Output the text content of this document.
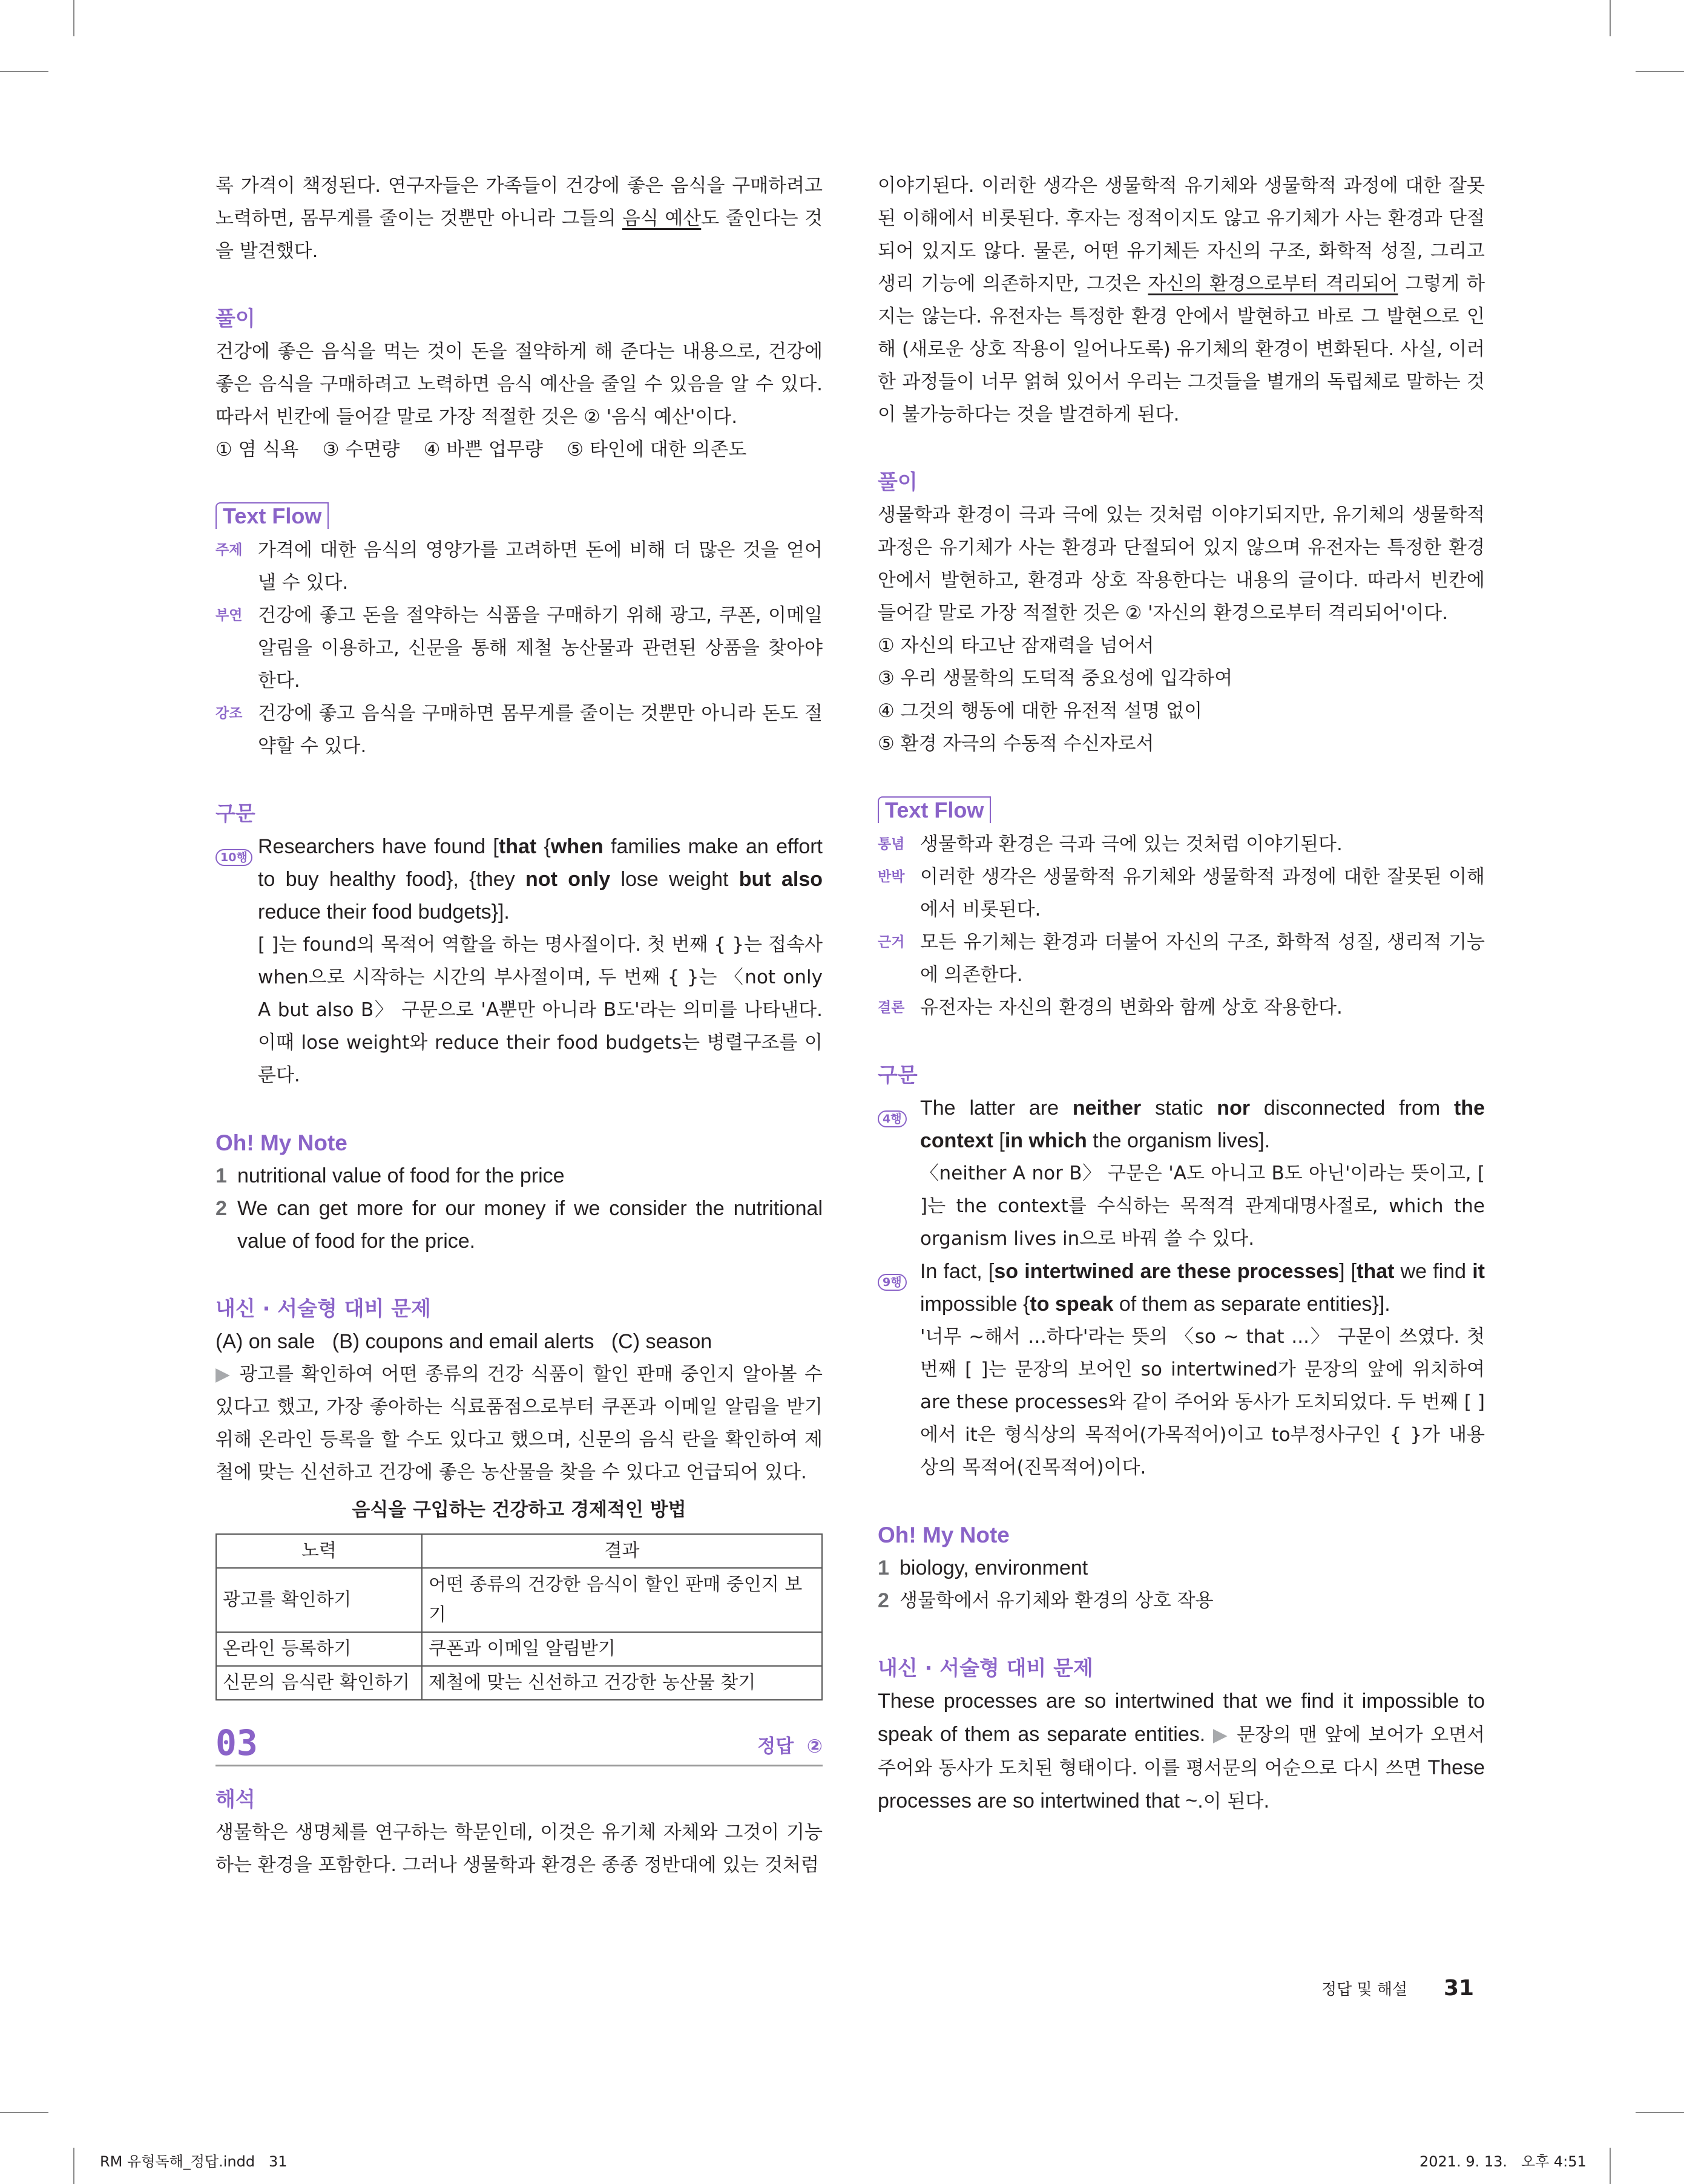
록 가격이 책정된다. 연구자들은 가족들이 건강에 좋은 음식을 구매하려고 노력하면, 몸무게를 줄이는 것뿐만 아니라 그들의 음식 예산도 줄인다는 것을 발견했다.

풀이

건강에 좋은 음식을 먹는 것이 돈을 절약하게 해 준다는 내용으로, 건강에 좋은 음식을 구매하려고 노력하면 음식 예산을 줄일 수 있음을 알 수 있다. 따라서 빈칸에 들어갈 말로 가장 적절한 것은 ② '음식 예산'이다.

① 염 식욕    ③ 수면량    ④ 바쁜 업무량    ⑤ 타인에 대한 의존도

Text Flow
주제 가격에 대한 음식의 영양가를 고려하면 돈에 비해 더 많은 것을 얻어낼 수 있다.
부연 건강에 좋고 돈을 절약하는 식품을 구매하기 위해 광고, 쿠폰, 이메일 알림을 이용하고, 신문을 통해 제철 농산물과 관련된 상품을 찾아야 한다.
강조 건강에 좋고 음식을 구매하면 몸무게를 줄이는 것뿐만 아니라 돈도 절약할 수 있다.
구문
10행 Researchers have found [that {when families make an effort to buy healthy food}, {they not only lose weight but also reduce their food budgets}].

[ ]는 found의 목적어 역할을 하는 명사절이다. 첫 번째 { }는 접속사 when으로 시작하는 시간의 부사절이며, 두 번째 { }는 〈not only A but also B〉 구문으로 'A뿐만 아니라 B도'라는 의미를 나타낸다. 이때 lose weight와 reduce their food budgets는 병렬구조를 이룬다.

Oh! My Note
1 nutritional value of food for the price
2 We can get more for our money if we consider the nutritional value of food for the price.
내신 · 서술형 대비 문제

(A) on sale   (B) coupons and email alerts   (C) season

▶ 광고를 확인하여 어떤 종류의 건강 식품이 할인 판매 중인지 알아볼 수 있다고 했고, 가장 좋아하는 식료품점으로부터 쿠폰과 이메일 알림을 받기 위해 온라인 등록을 할 수도 있다고 했으며, 신문의 음식 란을 확인하여 제철에 맞는 신선하고 건강에 좋은 농산물을 찾을 수 있다고 언급되어 있다.

음식을 구입하는 건강하고 경제적인 방법
노력	결과
광고를 확인하기	어떤 종류의 건강한 음식이 할인 판매 중인지 보기
온라인 등록하기	쿠폰과 이메일 알림받기
신문의 음식란 확인하기	제철에 맞는 신선하고 건강한 농산물 찾기
03	정답  ②
해석

생물학은 생명체를 연구하는 학문인데, 이것은 유기체 자체와 그것이 기능하는 환경을 포함한다. 그러나 생물학과 환경은 종종 정반대에 있는 것처럼

이야기된다. 이러한 생각은 생물학적 유기체와 생물학적 과정에 대한 잘못된 이해에서 비롯된다. 후자는 정적이지도 않고 유기체가 사는 환경과 단절되어 있지도 않다. 물론, 어떤 유기체든 자신의 구조, 화학적 성질, 그리고 생리 기능에 의존하지만, 그것은 자신의 환경으로부터 격리되어 그렇게 하지는 않는다. 유전자는 특정한 환경 안에서 발현하고 바로 그 발현으로 인해 (새로운 상호 작용이 일어나도록) 유기체의 환경이 변화된다. 사실, 이러한 과정들이 너무 얽혀 있어서 우리는 그것들을 별개의 독립체로 말하는 것이 불가능하다는 것을 발견하게 된다.

풀이

생물학과 환경이 극과 극에 있는 것처럼 이야기되지만, 유기체의 생물학적 과정은 유기체가 사는 환경과 단절되어 있지 않으며 유전자는 특정한 환경 안에서 발현하고, 환경과 상호 작용한다는 내용의 글이다. 따라서 빈칸에 들어갈 말로 가장 적절한 것은 ② '자신의 환경으로부터 격리되어'이다.

① 자신의 타고난 잠재력을 넘어서

③ 우리 생물학의 도덕적 중요성에 입각하여

④ 그것의 행동에 대한 유전적 설명 없이

⑤ 환경 자극의 수동적 수신자로서

Text Flow
통념 생물학과 환경은 극과 극에 있는 것처럼 이야기된다.
반박 이러한 생각은 생물학적 유기체와 생물학적 과정에 대한 잘못된 이해에서 비롯된다.
근거 모든 유기체는 환경과 더불어 자신의 구조, 화학적 성질, 생리적 기능에 의존한다.
결론 유전자는 자신의 환경의 변화와 함께 상호 작용한다.
구문
4행 The latter are neither static nor disconnected from the context [in which the organism lives].

〈neither A nor B〉 구문은 'A도 아니고 B도 아닌'이라는 뜻이고, [ ]는 the context를 수식하는 목적격 관계대명사절로, which the organism lives in으로 바꿔 쓸 수 있다.

9행 In fact, [so intertwined are these processes] [that we find it impossible {to speak of them as separate entities}].

'너무 ~해서 …하다'라는 뜻의 〈so ~ that ...〉 구문이 쓰였다. 첫 번째 [ ]는 문장의 보어인 so intertwined가 문장의 앞에 위치하여 are these processes와 같이 주어와 동사가 도치되었다. 두 번째 [ ]에서 it은 형식상의 목적어(가목적어)이고 to부정사구인 { }가 내용상의 목적어(진목적어)이다.

Oh! My Note
1 biology, environment
2 생물학에서 유기체와 환경의 상호 작용
내신 · 서술형 대비 문제

These processes are so intertwined that we find it impossible to speak of them as separate entities. ▶ 문장의 맨 앞에 보어가 오면서 주어와 동사가 도치된 형태이다. 이를 평서문의 어순으로 다시 쓰면 These processes are so intertwined that ~.이 된다.

정답 및 해설 31
RM 유형독해_정답.indd   31	2021. 9. 13.   오후 4:51
